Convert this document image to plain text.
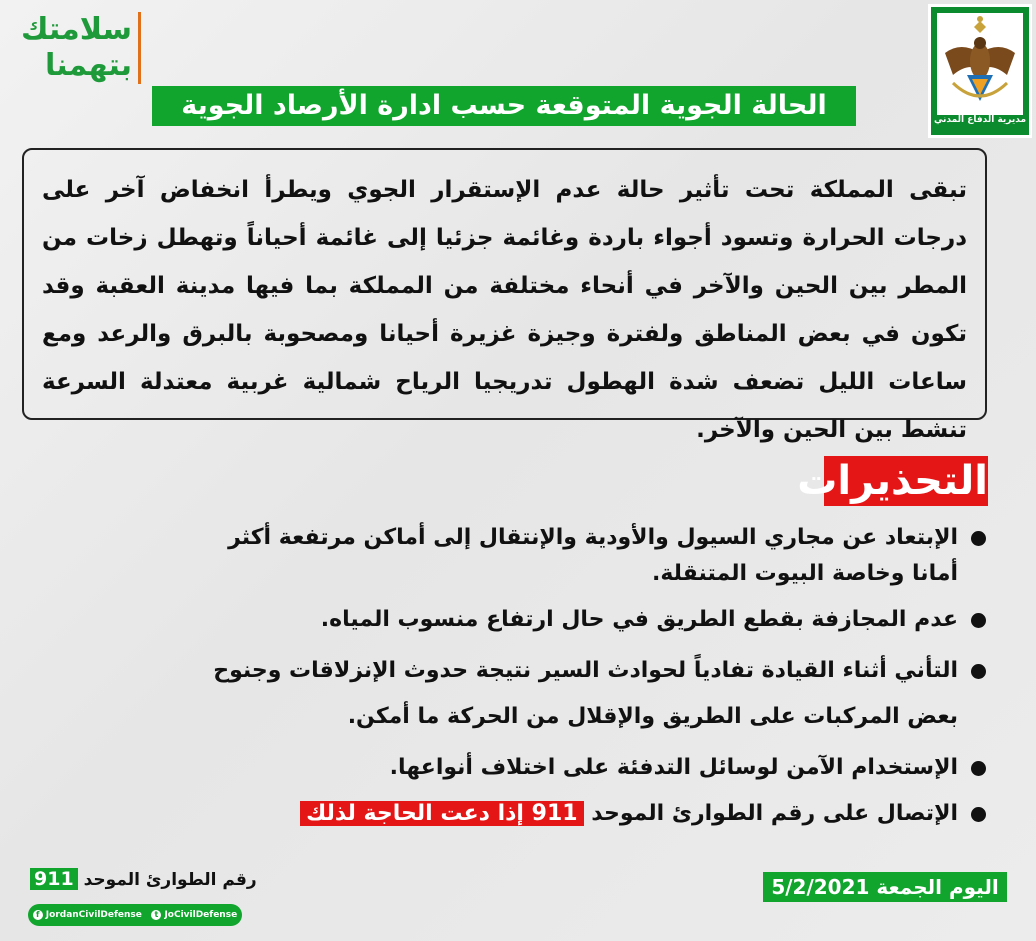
سلامتك
بتهمنا
مديرية الدفاع المدني
الحالة الجوية المتوقعة حسب ادارة الأرصاد الجوية

تبقى المملكة تحت تأثير حالة عدم الإستقرار الجوي ويطرأ انخفاض آخر على درجات الحرارة وتسود أجواء باردة وغائمة جزئيا إلى غائمة أحياناً وتهطل زخات من المطر بين الحين والآخر في أنحاء مختلفة من المملكة بما فيها مدينة العقبة وقد تكون في بعض المناطق ولفترة وجيزة غزيرة أحيانا ومصحوبة بالبرق والرعد ومع ساعات الليل تضعف شدة الهطول تدريجيا الرياح شمالية غربية معتدلة السرعة تنشط بين الحين والآخر.

التحذيرات
الإبتعاد عن مجاري السيول والأودية والإنتقال إلى أماكن مرتفعة أكثر أمانا وخاصة البيوت المتنقلة.
عدم المجازفة بقطع الطريق في حال ارتفاع منسوب المياه.
التأني أثناء القيادة تفادياً لحوادث السير نتيجة حدوث الإنزلاقات وجنوح بعض المركبات على الطريق والإقلال من الحركة ما أمكن.
الإستخدام الآمن لوسائل التدفئة على اختلاف أنواعها.
الإتصال على رقم الطوارئ الموحد 911 إذا دعت الحاجة لذلك
اليوم الجمعة 5/2/2021
رقم الطوارئ الموحد 911
f JordanCivilDefense	t JoCivilDefense
